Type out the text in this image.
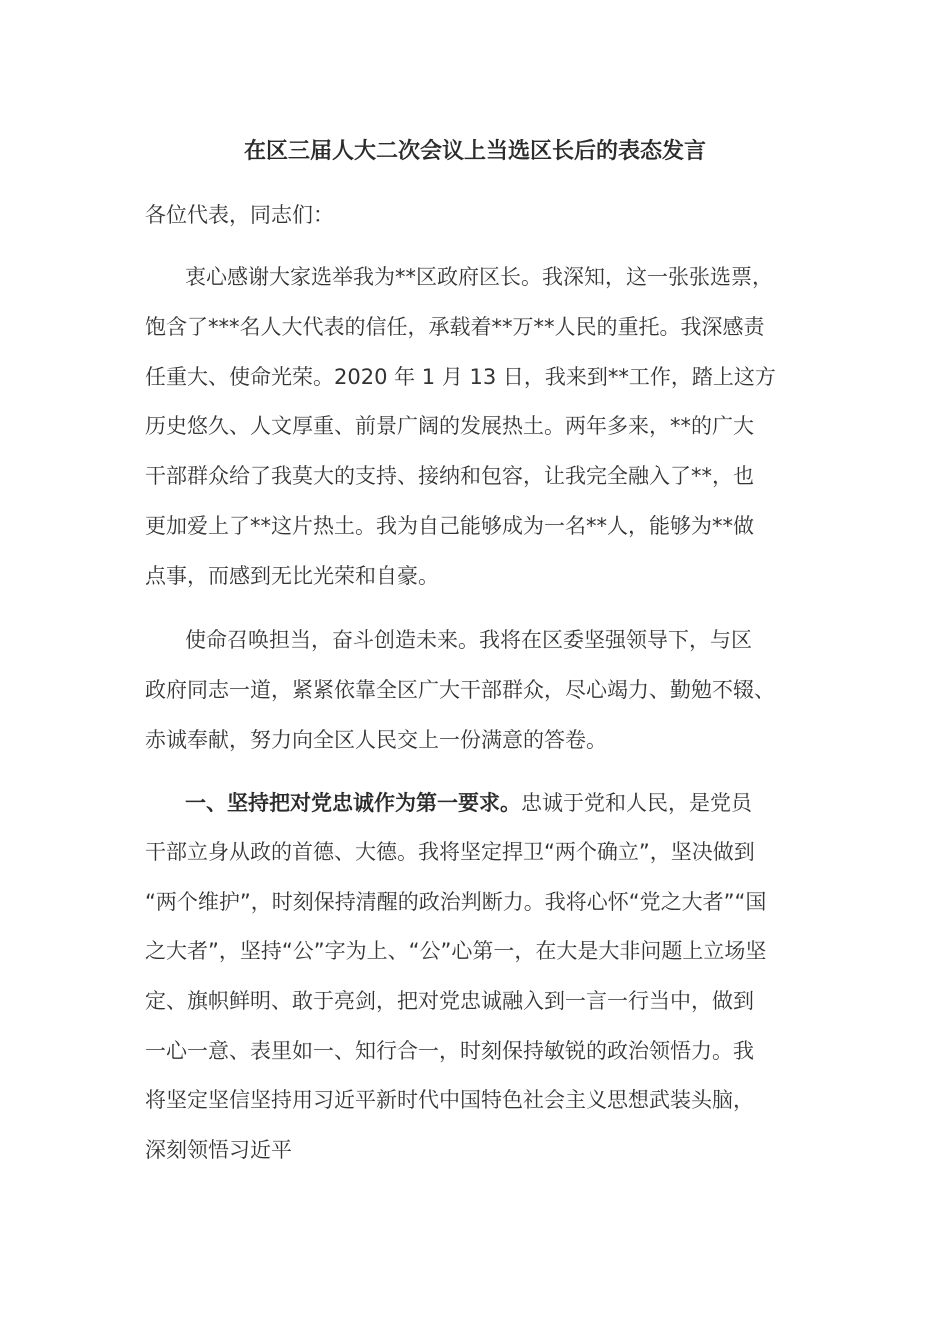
在区三届人大二次会议上当选区长后的表态发言
各位代表，同志们：
衷心感谢大家选举我为**区政府区长。我深知，这一张张选票，
饱含了***名人大代表的信任，承载着**万**人民的重托。我深感责
任重大、使命光荣。2020 年 1 月 13 日，我来到**工作，踏上这方
历史悠久、人文厚重、前景广阔的发展热土。两年多来，**的广大
干部群众给了我莫大的支持、接纳和包容，让我完全融入了**，也
更加爱上了**这片热土。我为自己能够成为一名**人，能够为**做
点事，而感到无比光荣和自豪。
使命召唤担当，奋斗创造未来。我将在区委坚强领导下，与区
政府同志一道，紧紧依靠全区广大干部群众，尽心竭力、勤勉不辍、
赤诚奉献，努力向全区人民交上一份满意的答卷。
一、坚持把对党忠诚作为第一要求。忠诚于党和人民，是党员
干部立身从政的首德、大德。我将坚定捍卫“两个确立”，坚决做到
“两个维护”，时刻保持清醒的政治判断力。我将心怀“党之大者”“国
之大者”，坚持“公”字为上、“公”心第一，在大是大非问题上立场坚
定、旗帜鲜明、敢于亮剑，把对党忠诚融入到一言一行当中，做到
一心一意、表里如一、知行合一，时刻保持敏锐的政治领悟力。我
将坚定坚信坚持用习近平新时代中国特色社会主义思想武装头脑，
深刻领悟习近平
